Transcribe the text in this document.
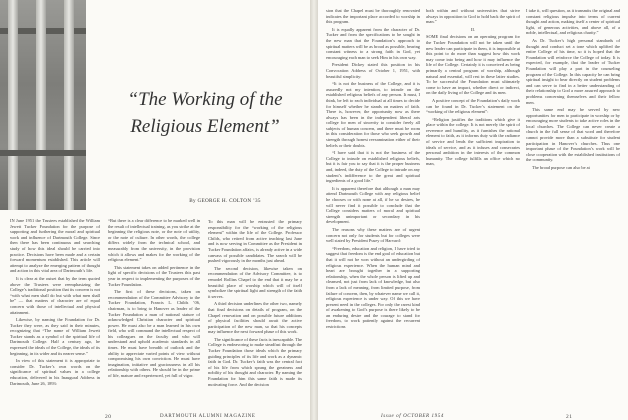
“The Working of the
Religious Element”
By GEORGE H. COLTON ’35

IN June 1951 the Trustees established the William Jewett Tucker Foundation for the purpose of supporting and furthering the moral and spiritual work and influence of Dartmouth College. Since then there has been continuous and searching study of how this ideal should be carried into practice. Decisions have been made and a certain forward momentum established. This article will attempt to analyze the emerging pattern of thought and action in this vital area of Dartmouth’s life.

It is clear at the outset that by the term quoted above the Trustees were reemphasizing the College’s traditional position that its concern is not “with what men shall do but with what men shall be” — that matters of character are of equal concern with those of intellectual and physical attainment.

Likewise, by naming the Foundation for Dr. Tucker they were, as they said in their minutes, recognizing that “The name of William Jewett Tucker stands as a symbol of the spiritual life of Dartmouth College. Half a century ago, he expressed the ideals of the College, the ideals of its beginning, in its wider and its nearer sense.”

In view of this statement it is appropriate to consider Dr. Tucker’s own words on the significance of spiritual values in a college education, delivered in his Inaugural Address in Dartmouth, June 26, 1893:

“But there is a clear difference to be marked well in the result of intellectual training, as you strike at the beginning the religious note, or the note of utility, or the note of culture. In other words, the college differs widely from the technical school, and measurably from the university, in the provision which it allows and makes for the working of the religious element.”

This statement takes on added pertinence in the light of specific decisions of the Trustees this past year in respect to implementing the purposes of the Tucker Foundation.

The first of these decisions, taken on recommendation of the Committee Advisory to the Tucker Foundation, Francis L. Childs ’06, chairman, is to bring to Hanover as leader of the Tucker Foundation a man of national stature of acknowledged Christian character and spiritual power. He must also be a man learned in his own field, who will command the intellectual respect of his colleagues on the faculty and who will understand and uphold academic standards in all times. He must have breadth of outlook and the ability to appreciate varied points of view without compromising his own conviction. He must have imagination, initiative and graciousness in all his relationship with others. He should be in the prime of life, mature and experienced, yet full of vigor.

To this man will be entrusted the primary responsibility for the “working of the religious element” within the life of the College. Professor Childs, who retired from active teaching last June and is now serving in Committee as the President in Tucker Foundation affairs, is already active in a wide canvass of possible candidates. The search will be pushed vigorously in the months just ahead.

The second decision, likewise taken on recommendation of the Advisory Committee, is to remodel Rollins Chapel to the end that it may be a beautiful place of worship which will of itself symbolize the spiritual light and strength of the faith it serves.

A third decision underlines the other two, namely that final decisions on details of program, on the Chapel renovation and on possible future additions of physical facilities should await the active participation of the new man, so that his concepts may influence the next forward phase of this work.

The significance of these facts is inescapable. The College is endeavoring to make steadfast through the Tucker Foundation those ideals which the primary guiding principles of its life and work as a dynamic faith in God. Dr. Tucker’s faith was the central fact of his life from which sprang the greatness and nobility of his thought and character. By naming the Foundation for him this same faith is made its motivating force. And the decision

20	DARTMOUTH ALUMNI MAGAZINE

sion that the Chapel must be thoroughly renovated indicates the important place accorded to worship in this program.

It is equally apparent from the character of Dr. Tucker and from the specifications to be sought in the new man that the Foundation’s approach to spiritual matters will be as broad as possible, bearing constant witness to a strong faith in God, yet encouraging each man to seek Him in his own way.

President Dickey stated this position in his Convocation Address of October 1, 1951, with beautiful simplicity:

“It is not the business of the College, and it is assuredly not my intention, to intrude on the established religious beliefs of any person. It must, I think, be left to each individual at all times to decide for himself whether he stands on matters of faith. There is, however, the opportunity now as there always has been in the independent liberal arts college for men of sincerity to consider freely all subjects of human concern, and there must be room in this consideration for those who seek growth and strength through honest reexamination either of their beliefs or their doubts.

“I have said that it is not the business of the College to intrude on established religious beliefs, but it is fair you to say that it is the proper business and, indeed, the duty of the College to intrude on any student’s indifference to the great and spiritual ingredients of a good life.”

It is apparent therefore that although a man may attend Dartmouth College with any religious belief he chooses or with none at all, if he so desires, he will never find it possible to conclude that the College considers matters of moral and spiritual strength unimportant or secondary in his development.

The reasons why these matters are of urgent concern not only for students but for colleges were well stated by President Pusey of Harvard:

“Freedom, education and religion, I have tried to suggest that freedom is the end goal of education but that it will not be won without an undergirding of religious experience. When the human mind and heart are brought together in a supporting relationship, when the whole person is lifted up and cleansed, not just from lack of knowledge, but also from a lack of meaning, from limited purpose, from failure of concern, then, by whatever name we call it, religious experience is under way. Of this we have present need in the colleges. For only the rarest kind of awakening to God’s purpose is there likely to be an enduring desire and the courage to stand for freedom, to work patiently against the recurrent restrictions

both within and without universities that strive always in opposition to God to hold back the spirit of man.”

II.

SOME final decisions on an operating program for the Tucker Foundation will not be taken until the new leader can participate in them, it is impossible at this point to do more than suggest how this work may come into being and how it may influence the life of the College. Certainly it is conceived as being primarily a central program of worship, although natural and essential, will rest in these latter studies. To be successful the Foundation must ultimately come to have an impact, whether direct or indirect, on the daily living of the College and its men.

A positive concept of the Foundation’s daily work can be found in Dr. Tucker’s statement on the “working of the religious element”:

“Religion justifies the traditions which give it place within the college. It is not merely the spirit of reverence and humility, as it furnishes the rational element to faith, as it informs duty with the radiance of service and lends the sufficient inspiration to ideals of service, and as it infuses and consecrates personal ambition in the interests of the common humanity. The college fulfills an office which no man,

I take it, will question, as it transmits the original and constant religious impulse into terms of current thought and action, making itself a center of spiritual light, of generous activities, and above all, of a noble, intellectual, and religious charity.”

As Dr. Tucker’s high personal standards of thought and conduct set a tone which uplifted the entire College of his time, so it is hoped that the Foundation will reinforce the College of today. It is expected, for example, that the leader of Tucker Foundation will play a part in the counseling program of the College. In this capacity he can bring spiritual insight to bear directly on student problems and can serve to find in a better understanding of their relationship to God a more assured approach to problems concerning themselves and their fellow men.

This same end may be served by new opportunities for men to participate in worship or by encouraging more students to take active roles in the local churches. The College can never create a church in the full sense of that word and therefore cannot provide more than a substitute for student participation in Hanover’s churches. Thus one important phase of the Foundation’s work will be close cooperation with the established institutions of the community.

The broad purpose can also be at

Issue of OCTOBER 1954	21
